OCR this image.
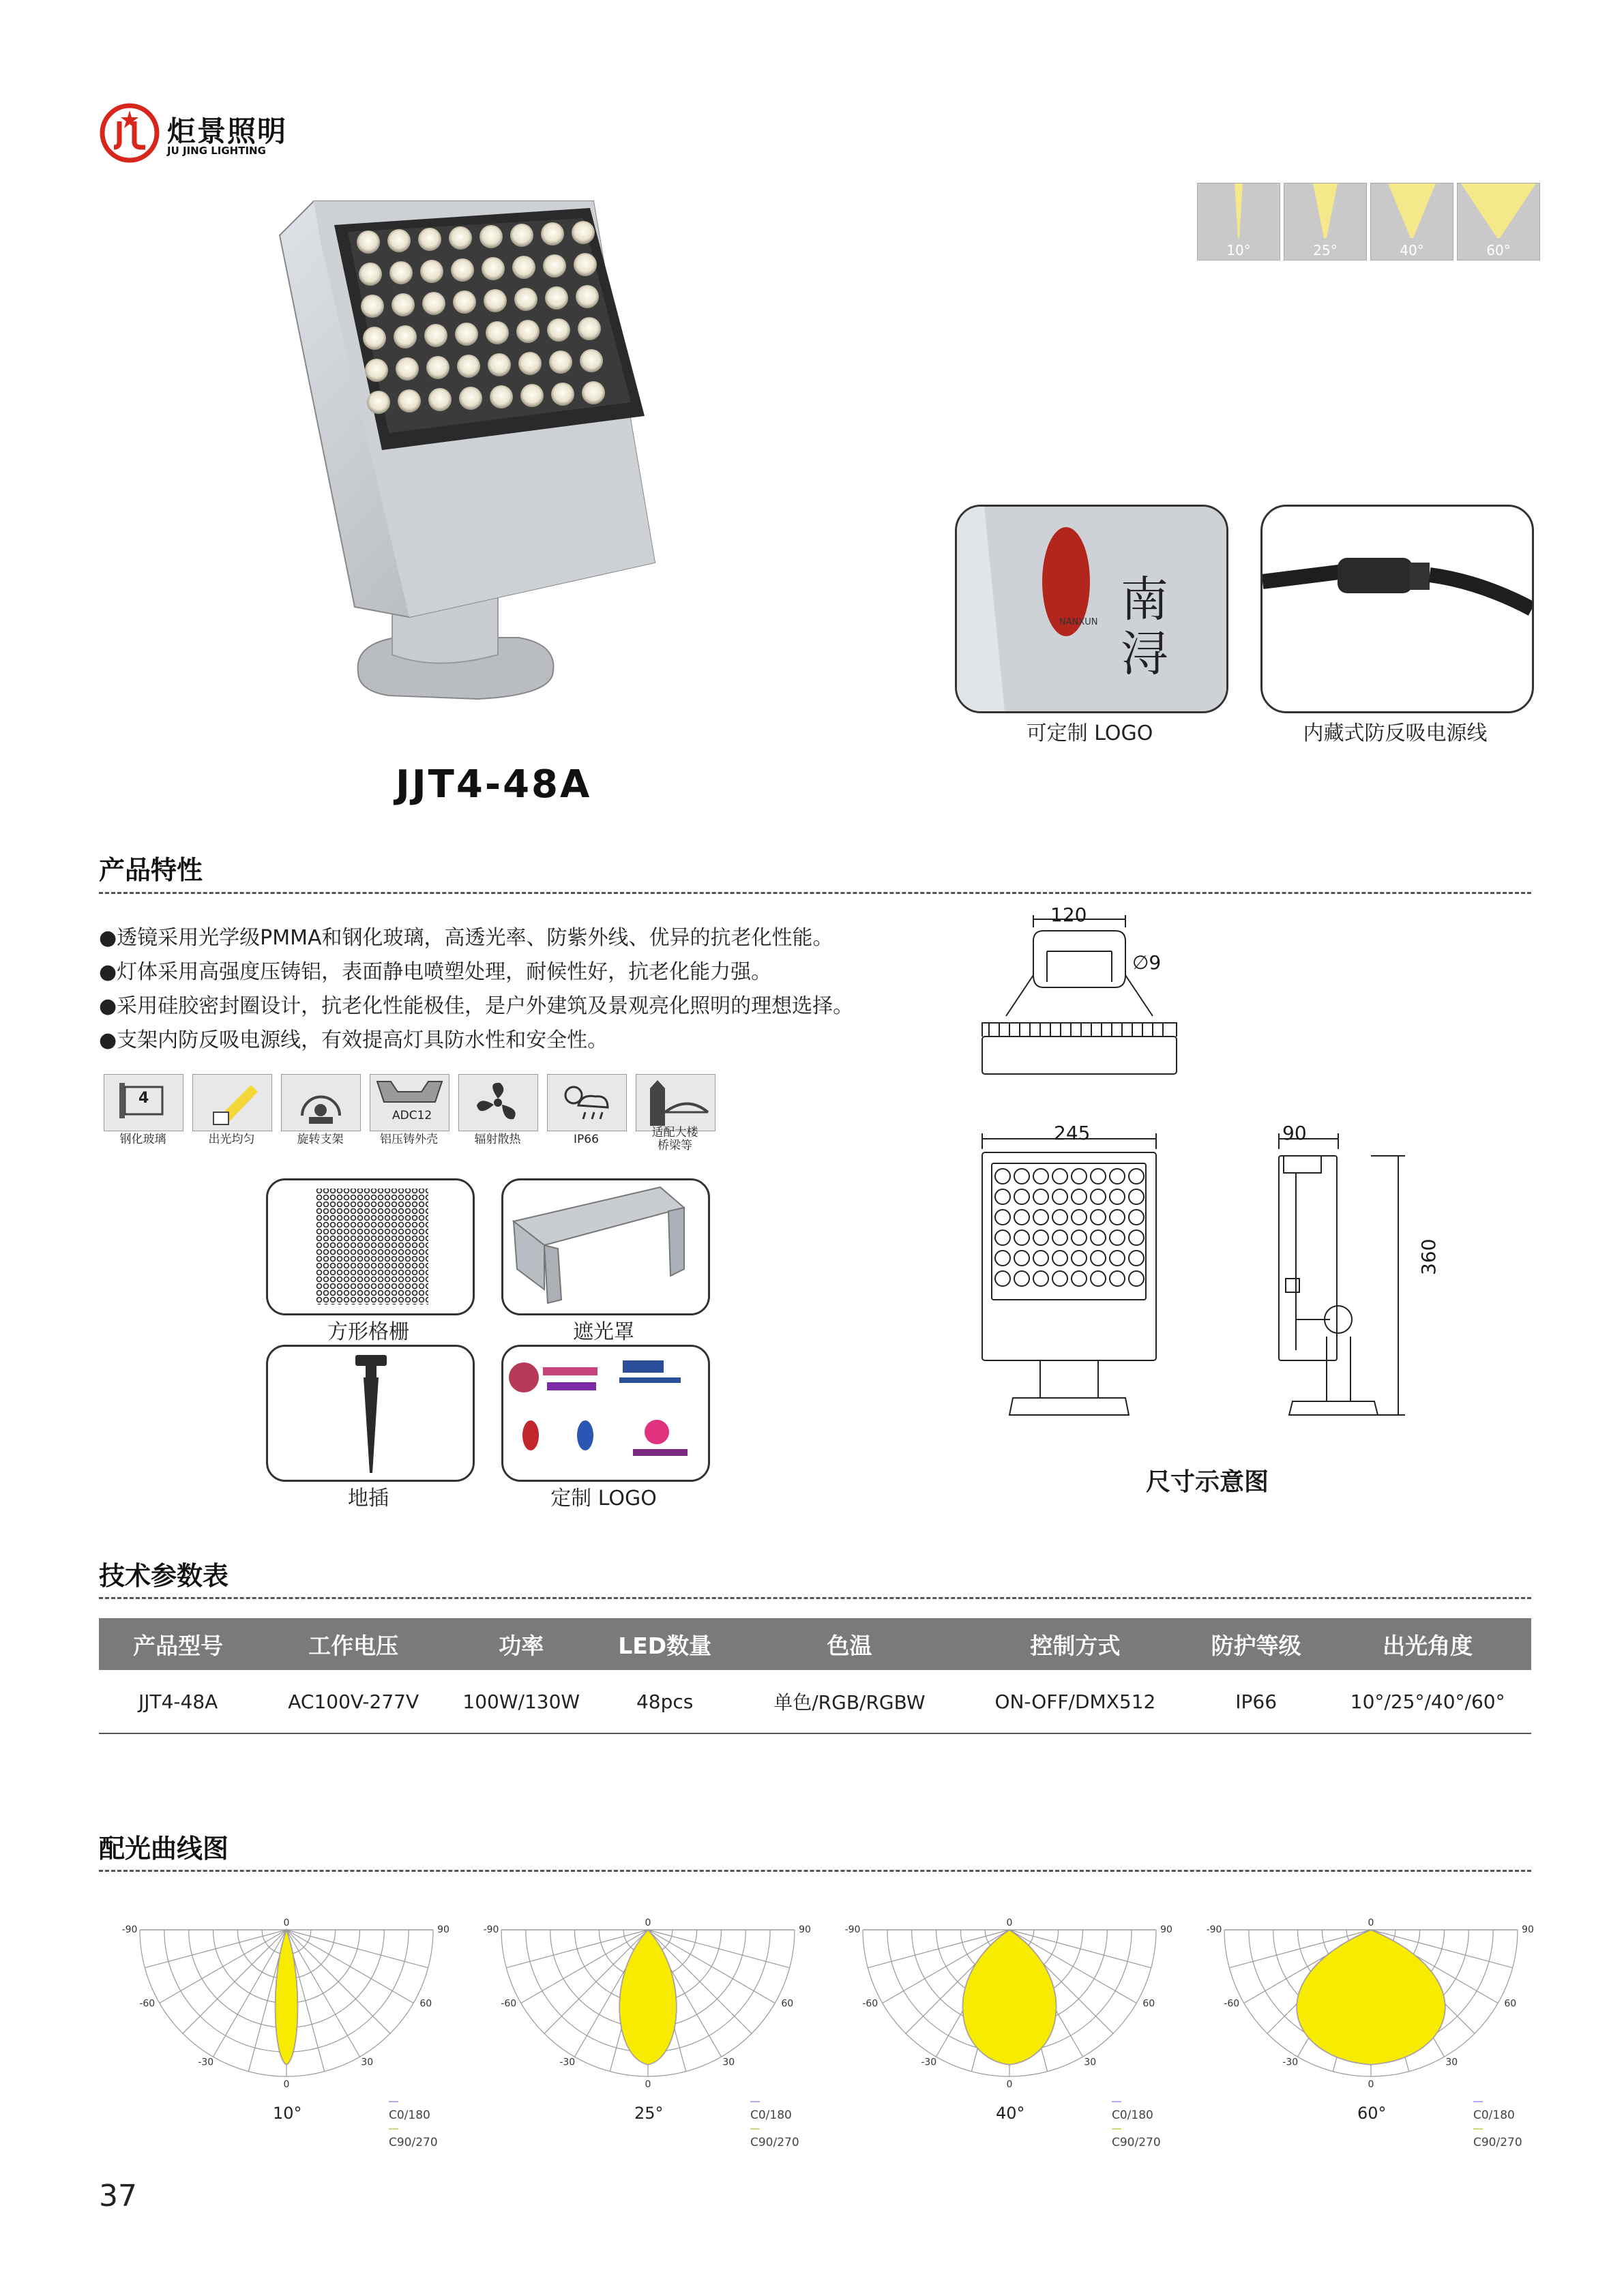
炬景照明
JU JING LIGHTING
JJT4-48A
10°	25°	40°	60°
南
浔
NANXUN
可定制 LOGO	内藏式防反吸电源线
产品特性
●透镜采用光学级PMMA和钢化玻璃，高透光率、防紫外线、优异的抗老化性能。
●灯体采用高强度压铸铝，表面静电喷塑处理，耐候性好，抗老化能力强。
●采用硅胶密封圈设计，抗老化性能极佳，是户外建筑及景观亮化照明的理想选择。
●支架内防反吸电源线，有效提高灯具防水性和安全性。
4
钢化玻璃	出光均匀	旋转支架
ADC12
铝压铸外壳	辐射散热	IP66	适配大楼
桥梁等
方形格栅	遮光罩
地插	定制 LOGO
120
∅9
245	90
360
尺寸示意图
技术参数表
产品型号	工作电压	功率	LED数量	色温	控制方式	防护等级	出光角度
JJT4-48A	AC100V-277V	100W/130W	48pcs	单色/RGB/RGBW	ON-OFF/DMX512	IP66	10°/25°/40°/60°
配光曲线图
-90	90
0
-60	60
-30	30
0
10°	C0/180
C90/270
-90	90
0
-60	60
-30	30
0
25°	C0/180
C90/270
-90	90
0
-60	60
-30	30
0
40°	C0/180
C90/270
-90	90
0
-60	60
-30	30
0
60°	C0/180
C90/270
37
